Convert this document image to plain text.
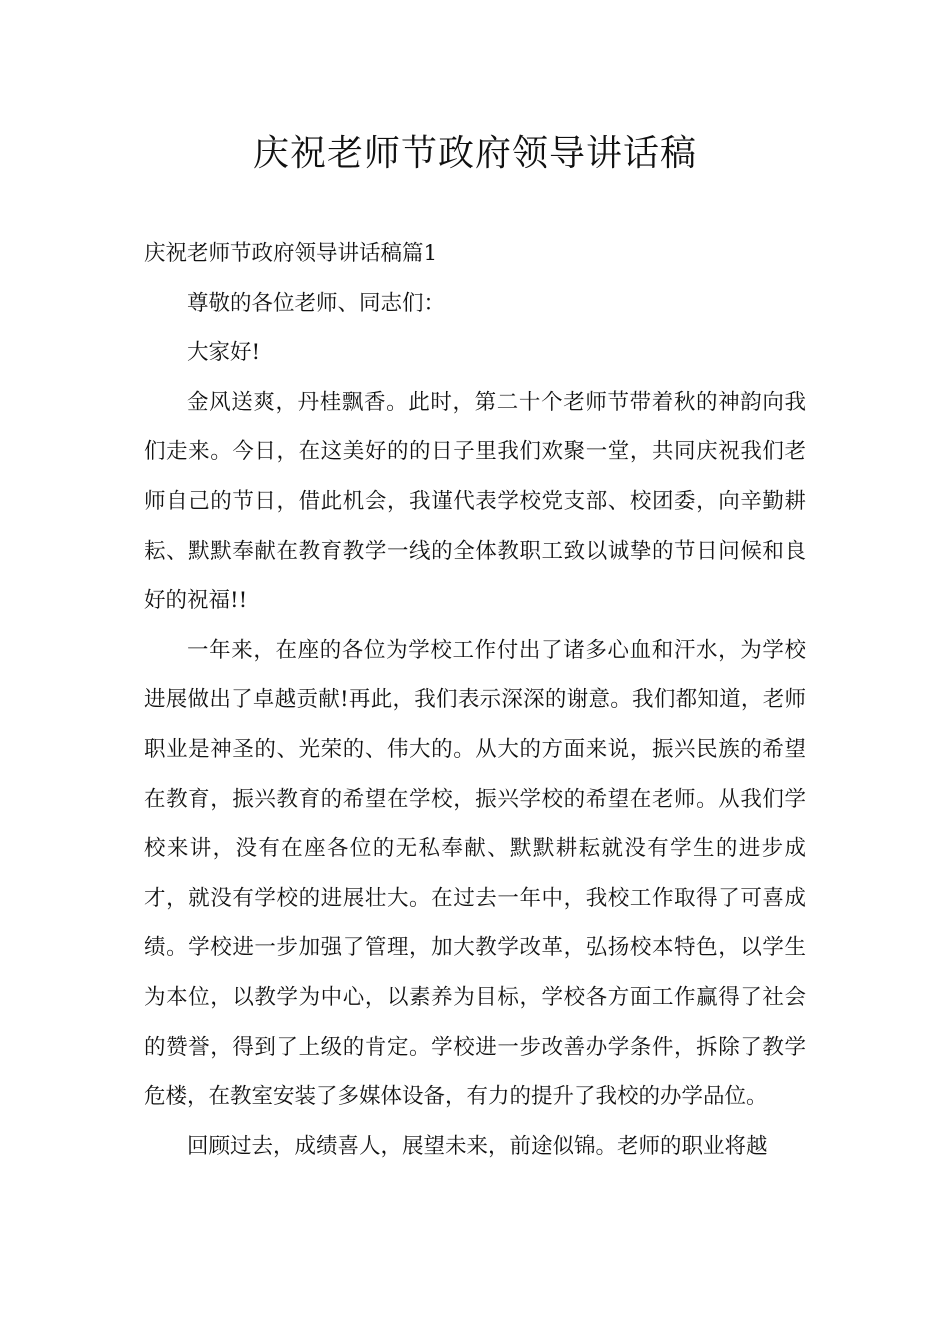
庆祝老师节政府领导讲话稿

庆祝老师节政府领导讲话稿篇1

尊敬的各位老师、同志们：

大家好!

金风送爽，丹桂飘香。此时，第二十个老师节带着秋的神韵向我们走来。今日，在这美好的的日子里我们欢聚一堂，共同庆祝我们老师自己的节日，借此机会，我谨代表学校党支部、校团委，向辛勤耕耘、默默奉献在教育教学一线的全体教职工致以诚挚的节日问候和良好的祝福!!

一年来，在座的各位为学校工作付出了诸多心血和汗水，为学校进展做出了卓越贡献!再此，我们表示深深的谢意。我们都知道，老师职业是神圣的、光荣的、伟大的。从大的方面来说，振兴民族的希望在教育，振兴教育的希望在学校，振兴学校的希望在老师。从我们学校来讲，没有在座各位的无私奉献、默默耕耘就没有学生的进步成才，就没有学校的进展壮大。在过去一年中，我校工作取得了可喜成绩。学校进一步加强了管理，加大教学改革，弘扬校本特色，以学生为本位，以教学为中心，以素养为目标，学校各方面工作赢得了社会的赞誉，得到了上级的肯定。学校进一步改善办学条件，拆除了教学危楼，在教室安装了多媒体设备，有力的提升了我校的办学品位。

回顾过去，成绩喜人，展望未来，前途似锦。老师的职业将越
